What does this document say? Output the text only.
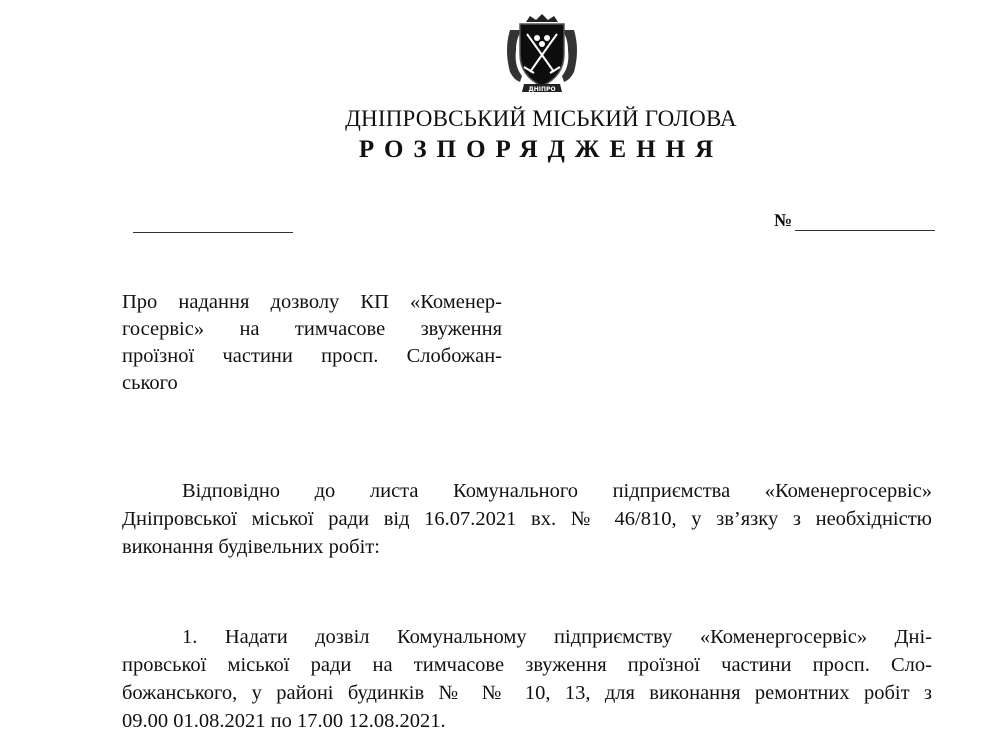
ДНІПРО
ДНІПРОВСЬКИЙ МІСЬКИЙ ГОЛОВА
РОЗПОРЯДЖЕННЯ
№
Про надання дозволу КП «Коменер-
госервіс» на тимчасове звуження
проїзної частини просп. Слобожан-
ського
Відповідно до листа Комунального підприємства «Коменергосервіс»
Дніпровської міської ради від 16.07.2021 вх. № 46/810, у зв’язку з необхідністю
виконання будівельних робіт:
1. Надати дозвіл Комунальному підприємству «Коменергосервіс» Дні-
провської міської ради на тимчасове звуження проїзної частини просп. Сло-
божанського, у районі будинків № № 10, 13, для виконання ремонтних робіт з
09.00 01.08.2021 по 17.00 12.08.2021.
